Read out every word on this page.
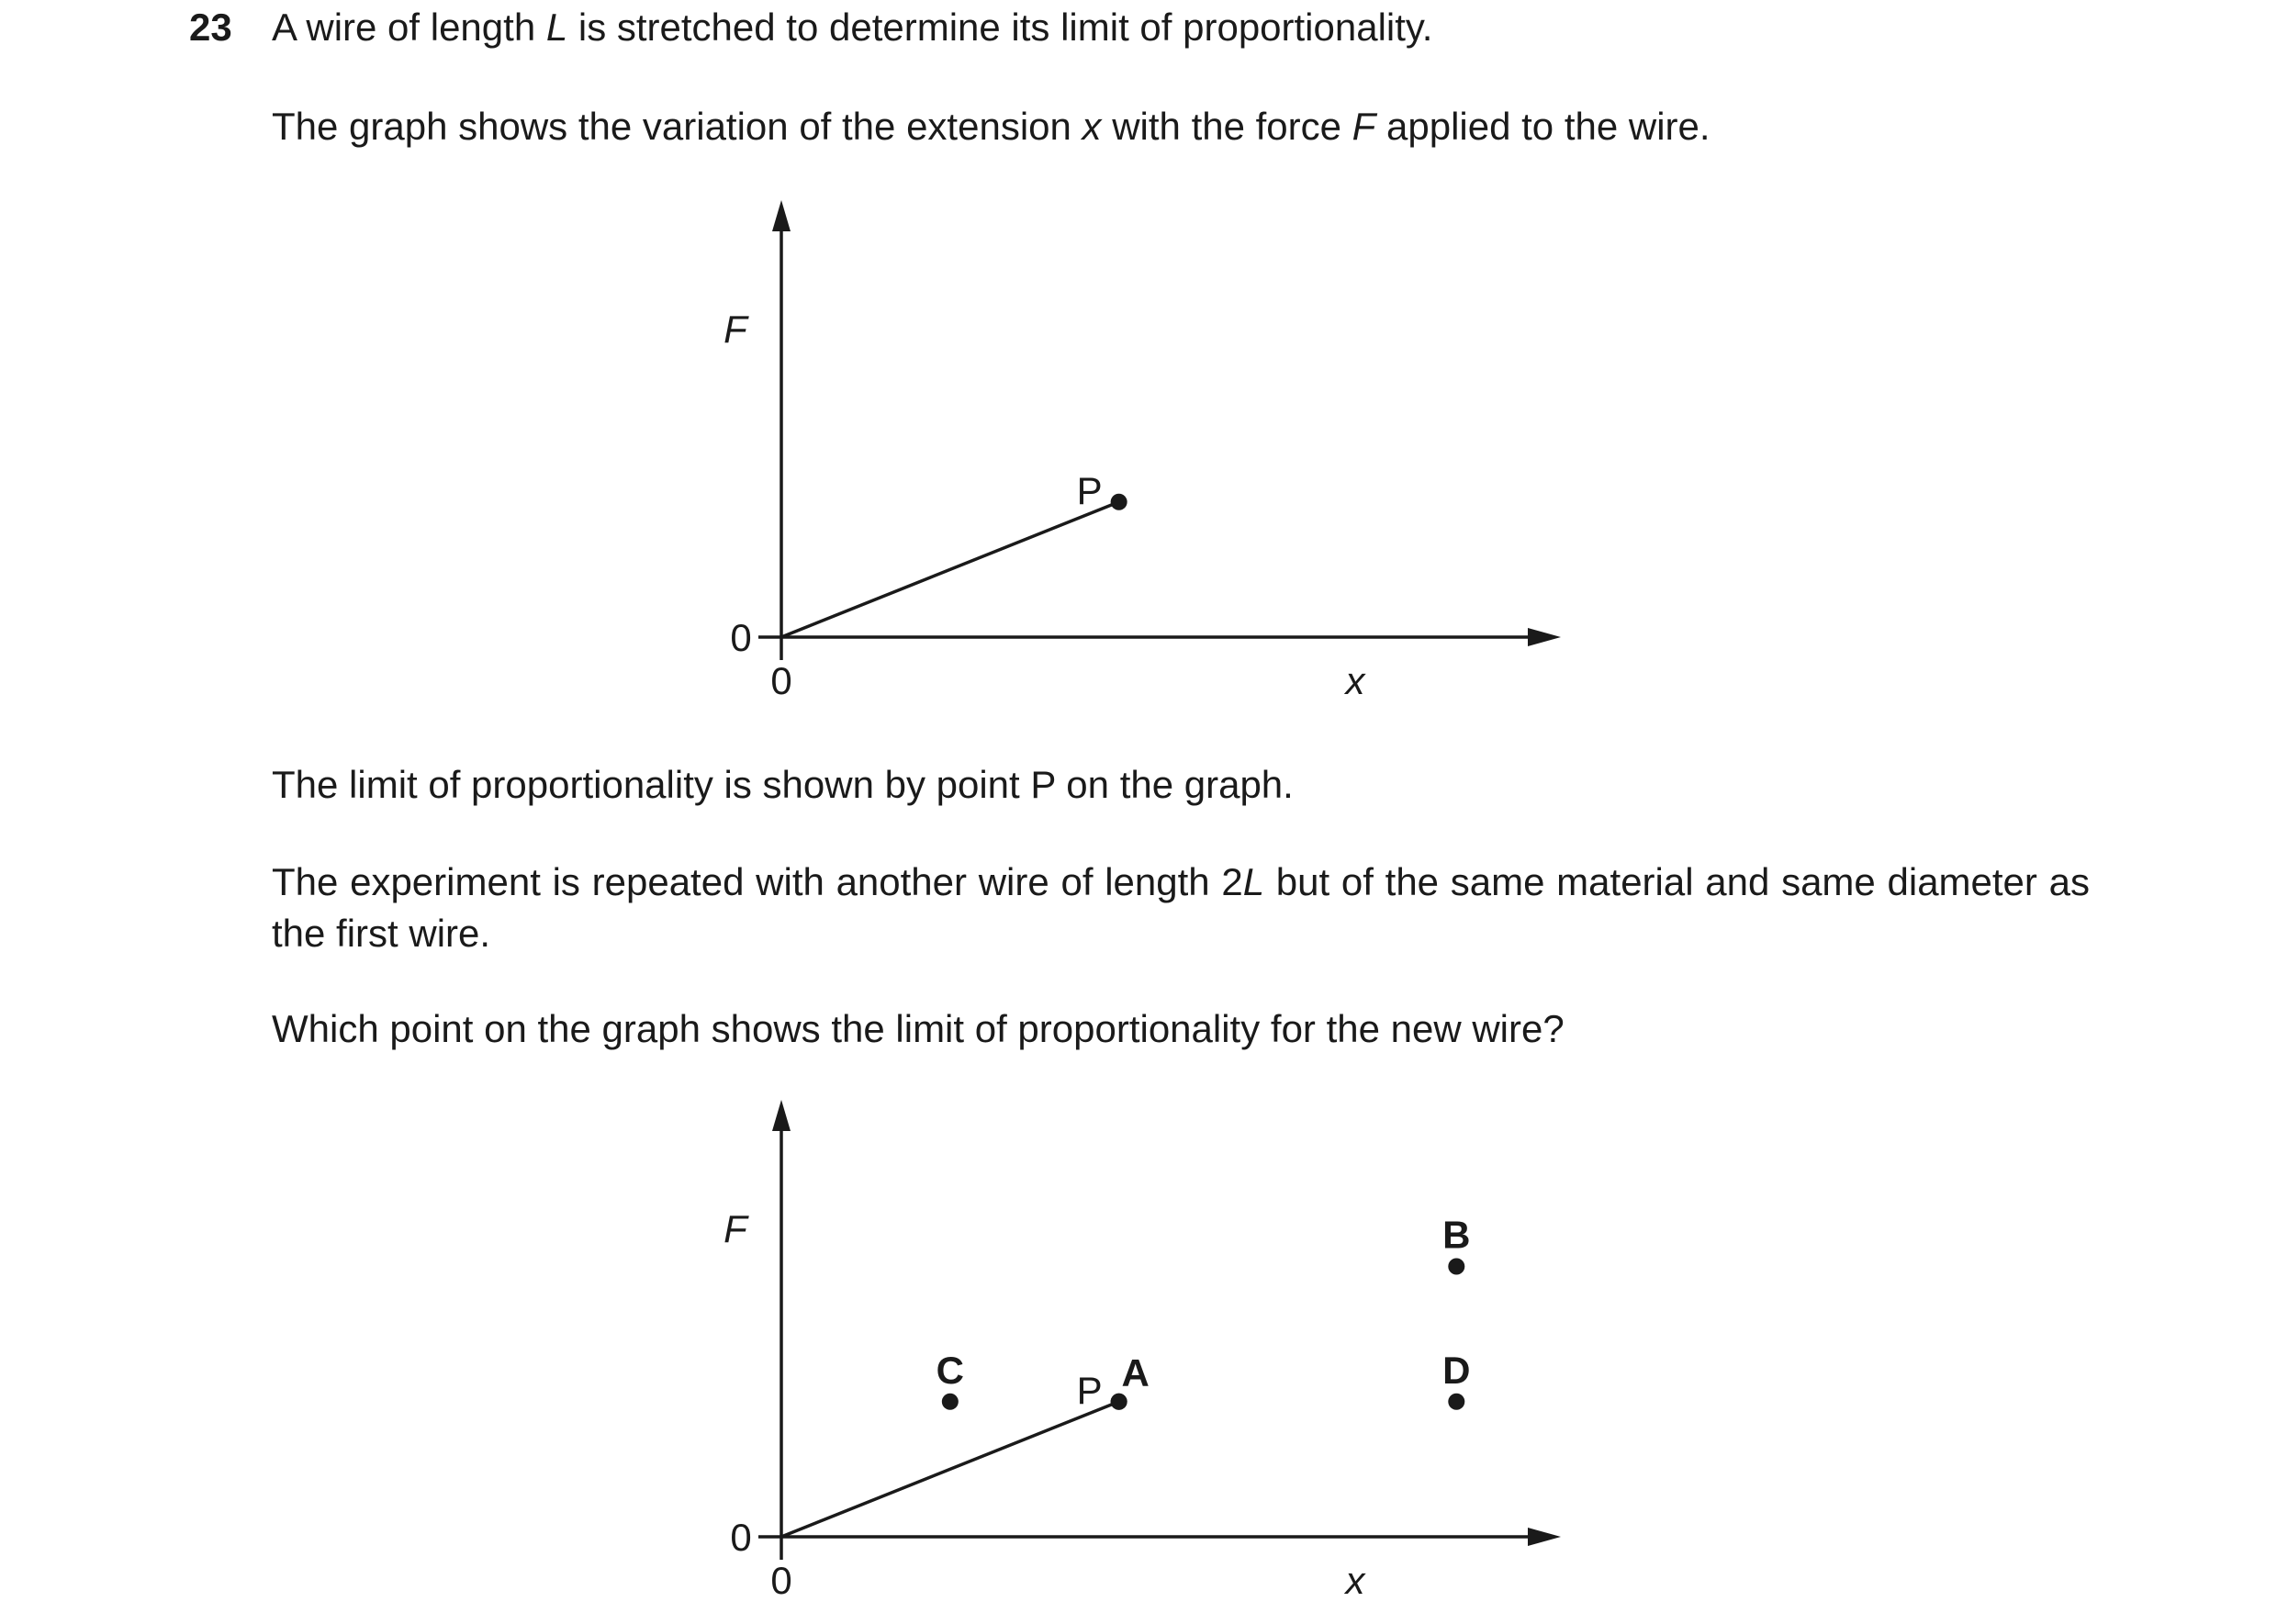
23 A wire of length L is stretched to determine its limit of proportionality.
The graph shows the variation of the extension x with the force F applied to the wire.
F
x
0
0
P
The limit of proportionality is shown by point P on the graph.
The experiment is repeated with another wire of length 2L but of the same material and same diameter as the first wire.
Which point on the graph shows the limit of proportionality for the new wire?
F
x
0
0
P A
C
B
D
